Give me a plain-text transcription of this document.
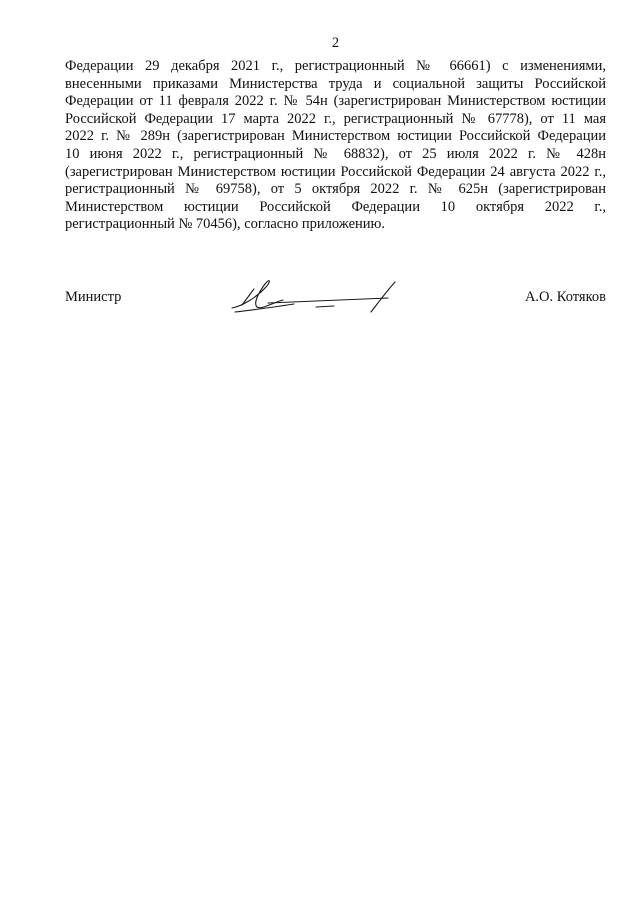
2
Федерации 29 декабря 2021 г., регистрационный № 66661) с изменениями,
внесенными приказами Министерства труда и социальной защиты Российской
Федерации от 11 февраля 2022 г. № 54н (зарегистрирован Министерством юстиции
Российской Федерации 17 марта 2022 г., регистрационный № 67778), от 11 мая
2022 г. № 289н (зарегистрирован Министерством юстиции Российской Федерации
10 июня 2022 г., регистрационный № 68832), от 25 июля 2022 г. № 428н
(зарегистрирован Министерством юстиции Российской Федерации 24 августа 2022 г.,
регистрационный № 69758), от 5 октября 2022 г. № 625н (зарегистрирован
Министерством юстиции Российской Федерации 10 октября 2022 г.,
регистрационный № 70456), согласно приложению.
Министр	А.О. Котяков
